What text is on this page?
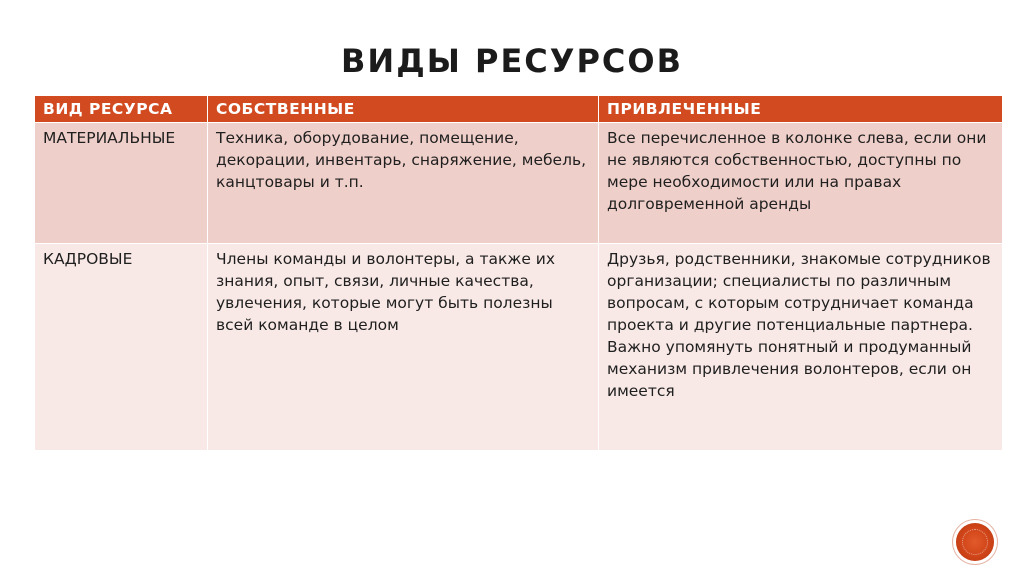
ВИДЫ РЕСУРСОВ
ВИД РЕСУРСА	СОБСТВЕННЫЕ	ПРИВЛЕЧЕННЫЕ
МАТЕРИАЛЬНЫЕ	Техника, оборудование, помещение, декорации, инвентарь, снаряжение, мебель, канцтовары и т.п.	Все перечисленное в колонке слева, если они не являются собственностью, доступны по мере необходимости или на правах долговременной аренды
КАДРОВЫЕ	Члены команды и волонтеры, а также их знания, опыт, связи, личные качества, увлечения, которые могут быть полезны всей команде в целом	Друзья, родственники, знакомые сотрудников организации; специалисты по различным вопросам, с которым сотрудничает команда проекта и другие потенциальные партнера. Важно упомянуть понятный и продуманный механизм привлечения волонтеров, если он имеется
